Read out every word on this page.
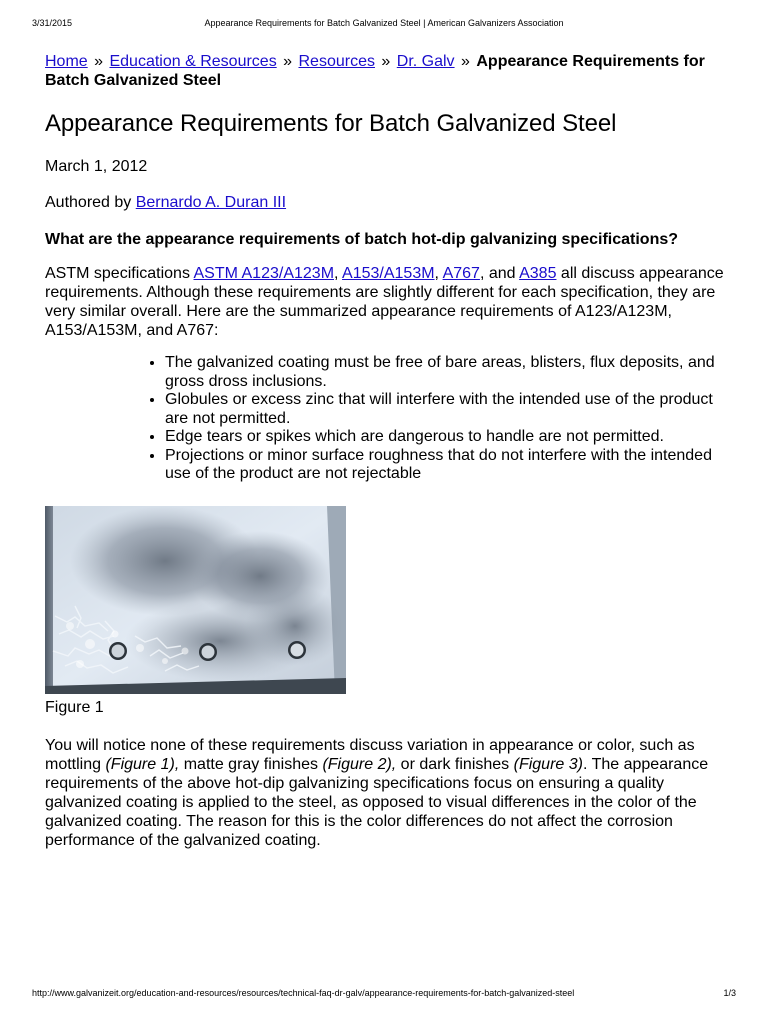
3/31/2015	Appearance Requirements for Batch Galvanized Steel | American Galvanizers Association
Home » Education & Resources » Resources » Dr. Galv » Appearance Requirements for Batch Galvanized Steel
Appearance Requirements for Batch Galvanized Steel
March 1, 2012
Authored by Bernardo A. Duran III
What are the appearance requirements of batch hot-dip galvanizing specifications?
ASTM specifications ASTM A123/A123M, A153/A153M, A767, and A385 all discuss appearance requirements. Although these requirements are slightly different for each specification, they are very similar overall. Here are the summarized appearance requirements of A123/A123M, A153/A153M, and A767:
• The galvanized coating must be free of bare areas, blisters, flux deposits, and gross dross inclusions.
• Globules or excess zinc that will interfere with the intended use of the product are not permitted.
• Edge tears or spikes which are dangerous to handle are not permitted.
• Projections or minor surface roughness that do not interfere with the intended use of the product are not rejectable
Figure 1
You will notice none of these requirements discuss variation in appearance or color, such as mottling (Figure 1), matte gray finishes (Figure 2), or dark finishes (Figure 3). The appearance requirements of the above hot-dip galvanizing specifications focus on ensuring a quality galvanized coating is applied to the steel, as opposed to visual differences in the color of the galvanized coating. The reason for this is the color differences do not affect the corrosion performance of the galvanized coating.
http://www.galvanizeit.org/education-and-resources/resources/technical-faq-dr-galv/appearance-requirements-for-batch-galvanized-steel	1/3
